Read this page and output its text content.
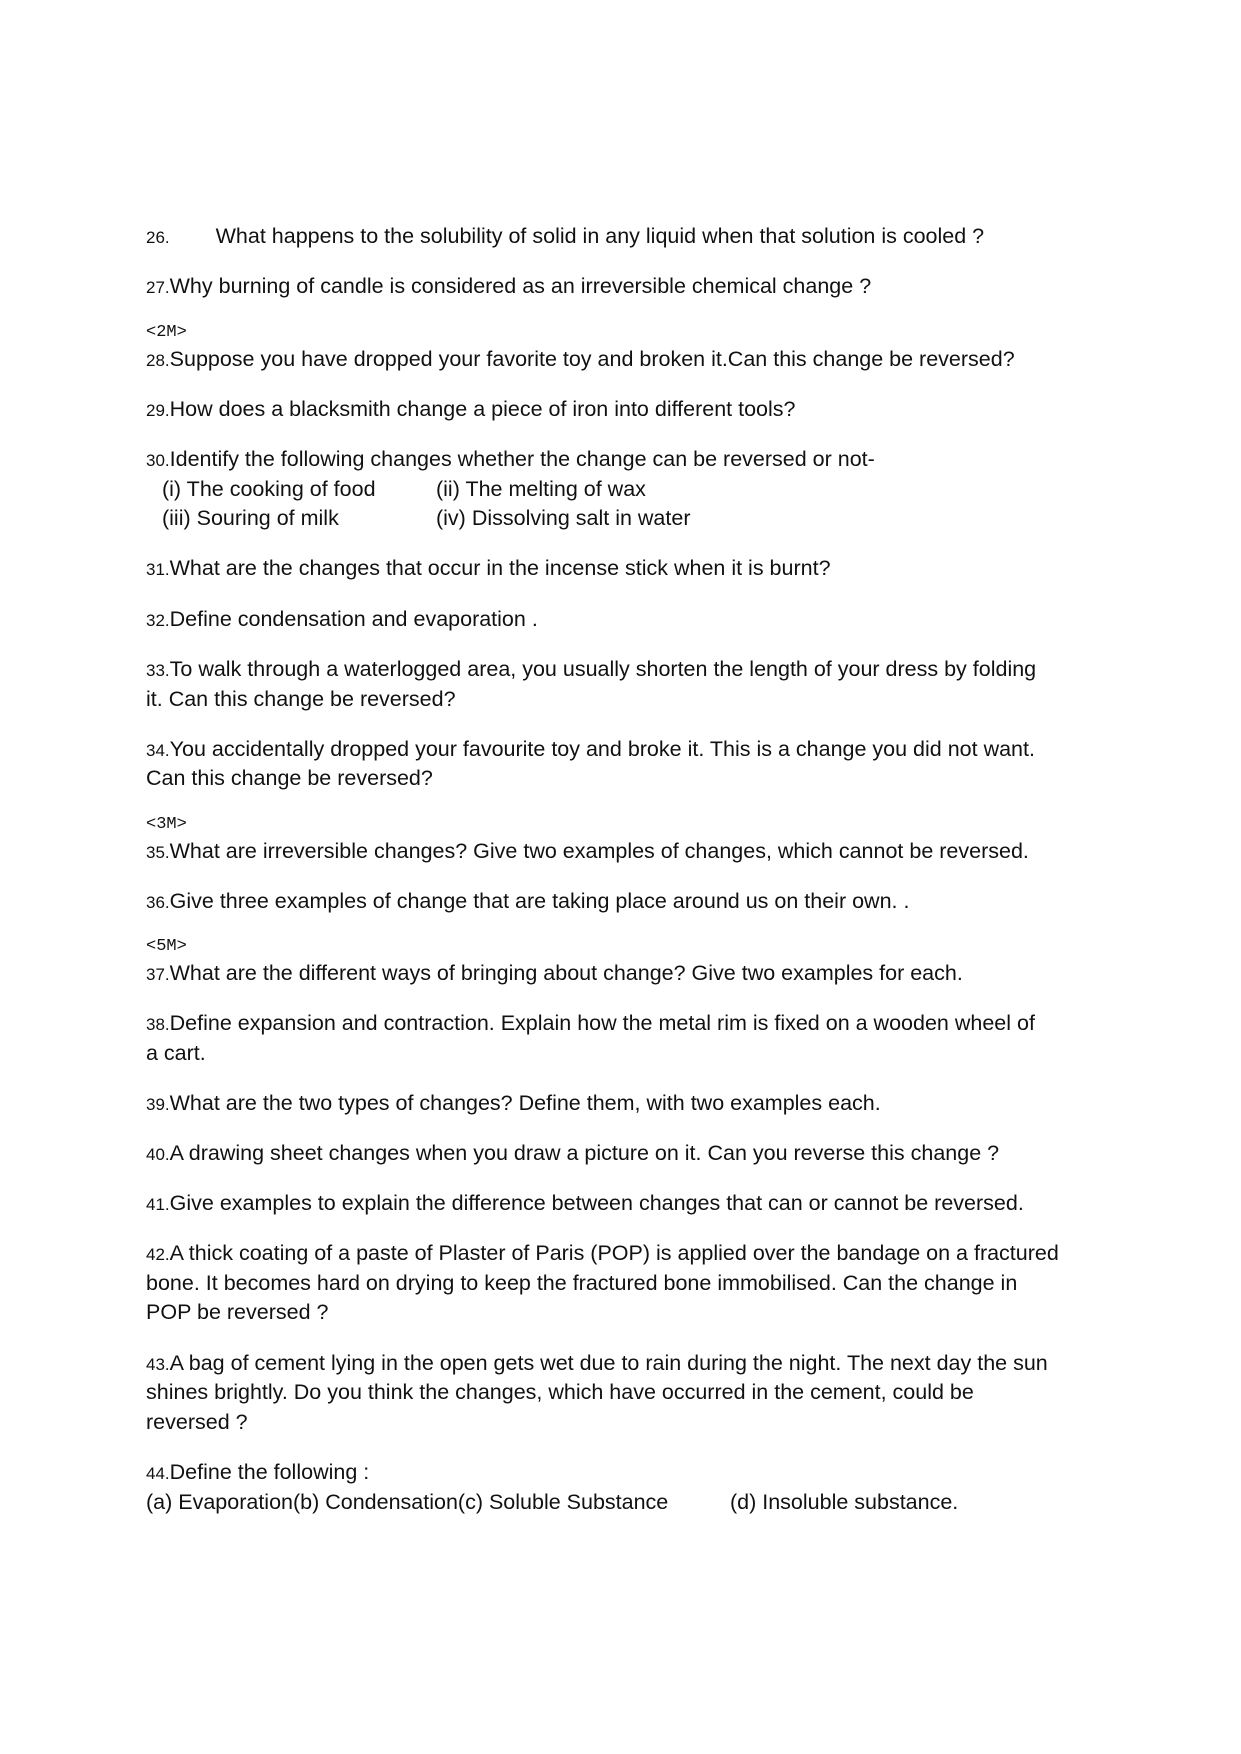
26. What happens to the solubility of solid in any liquid when that solution is cooled ?
27.Why burning of candle is considered as an irreversible chemical change ?
<2M>
28.Suppose you have dropped your favorite toy and broken it.Can this change be reversed?
29.How does a blacksmith change a piece of iron into different tools?
30.Identify the following changes whether the change can be reversed or not-
(i) The cooking of food	(ii) The melting of wax
(iii) Souring of milk	(iv) Dissolving salt in water
31.What are the changes that occur in the incense stick when it is burnt?
32.Define condensation and evaporation .
33.To walk through a waterlogged area, you usually shorten the length of your dress by folding
it. Can this change be reversed?
34.You accidentally dropped your favourite toy and broke it. This is a change you did not want.
Can this change be reversed?
<3M>
35.What are irreversible changes? Give two examples of changes, which cannot be reversed.
36.Give three examples of change that are taking place around us on their own. .
<5M>
37.What are the different ways of bringing about change? Give two examples for each.
38.Define expansion and contraction. Explain how the metal rim is fixed on a wooden wheel of
a cart.
39.What are the two types of changes? Define them, with two examples each.
40.A drawing sheet changes when you draw a picture on it. Can you reverse this change ?
41.Give examples to explain the difference between changes that can or cannot be reversed.
42.A thick coating of a paste of Plaster of Paris (POP) is applied over the bandage on a fractured
bone. It becomes hard on drying to keep the fractured bone immobilised. Can the change in
POP be reversed ?
43.A bag of cement lying in the open gets wet due to rain during the night. The next day the sun
shines brightly. Do you think the changes, which have occurred in the cement, could be
reversed ?
44.Define the following :
(a) Evaporation(b) Condensation(c) Soluble Substance	(d) Insoluble substance.
